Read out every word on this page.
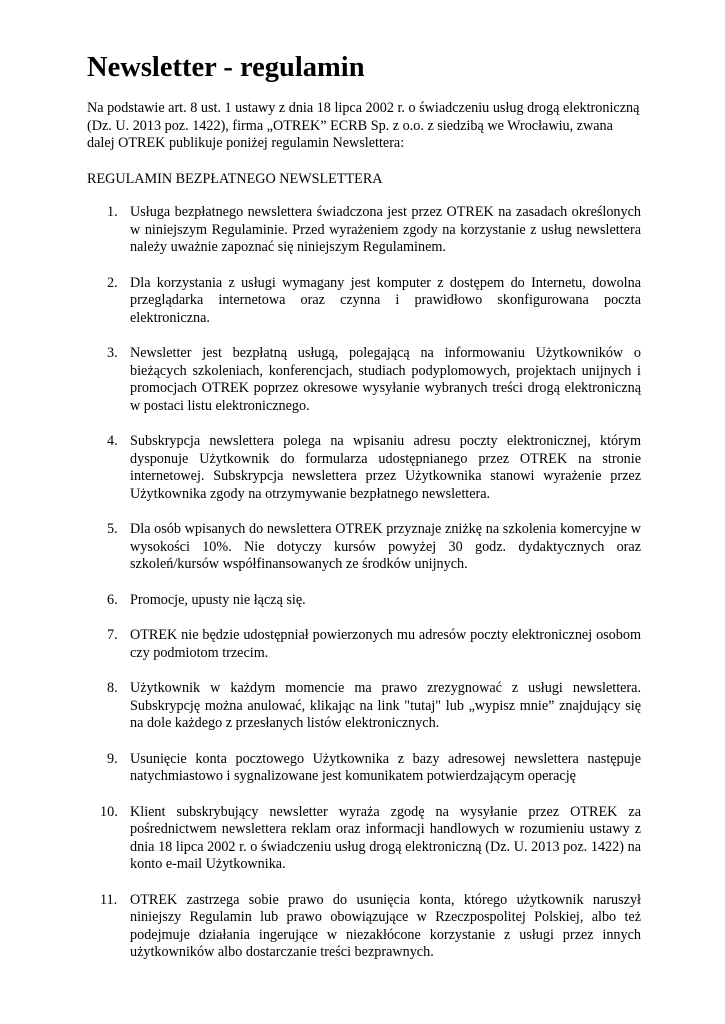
Newsletter - regulamin

Na podstawie art. 8 ust. 1 ustawy z dnia 18 lipca 2002 r. o świadczeniu usług drogą elektroniczną (Dz. U. 2013 poz. 1422), firma „OTREK” ECRB Sp. z o.o. z siedzibą we Wrocławiu, zwana dalej OTREK publikuje poniżej regulamin Newslettera:

REGULAMIN BEZPŁATNEGO NEWSLETTERA

1. Usługa bezpłatnego newslettera świadczona jest przez OTREK na zasadach określonych w niniejszym Regulaminie. Przed wyrażeniem zgody na korzystanie z usług newslettera należy uważnie zapoznać się niniejszym Regulaminem.
2. Dla korzystania z usługi wymagany jest komputer z dostępem do Internetu, dowolna przeglądarka internetowa oraz czynna i prawidłowo skonfigurowana poczta elektroniczna.
3. Newsletter jest bezpłatną usługą, polegającą na informowaniu Użytkowników o bieżących szkoleniach, konferencjach, studiach podyplomowych, projektach unijnych i promocjach OTREK poprzez okresowe wysyłanie wybranych treści drogą elektroniczną w postaci listu elektronicznego.
4. Subskrypcja newslettera polega na wpisaniu adresu poczty elektronicznej, którym dysponuje Użytkownik do formularza udostępnianego przez OTREK na stronie internetowej. Subskrypcja newslettera przez Użytkownika stanowi wyrażenie przez Użytkownika zgody na otrzymywanie bezpłatnego newslettera.
5. Dla osób wpisanych do newslettera OTREK przyznaje zniżkę na szkolenia komercyjne w wysokości 10%. Nie dotyczy kursów powyżej 30 godz. dydaktycznych oraz szkoleń/kursów współfinansowanych ze środków unijnych.
6. Promocje, upusty nie łączą się.
7. OTREK nie będzie udostępniał powierzonych mu adresów poczty elektronicznej osobom czy podmiotom trzecim.
8. Użytkownik w każdym momencie ma prawo zrezygnować z usługi newslettera. Subskrypcję można anulować, klikając na link "tutaj" lub „wypisz mnie” znajdujący się na dole każdego z przesłanych listów elektronicznych.
9. Usunięcie konta pocztowego Użytkownika z bazy adresowej newslettera następuje natychmiastowo i sygnalizowane jest komunikatem potwierdzającym operację
10. Klient subskrybujący newsletter wyraża zgodę na wysyłanie przez OTREK za pośrednictwem newslettera reklam oraz informacji handlowych w rozumieniu ustawy z dnia 18 lipca 2002 r. o świadczeniu usług drogą elektroniczną (Dz. U. 2013 poz. 1422) na konto e-mail Użytkownika.
11. OTREK zastrzega sobie prawo do usunięcia konta, którego użytkownik naruszył niniejszy Regulamin lub prawo obowiązujące w Rzeczpospolitej Polskiej, albo też podejmuje działania ingerujące w niezakłócone korzystanie z usługi przez innych użytkowników albo dostarczanie treści bezprawnych.
